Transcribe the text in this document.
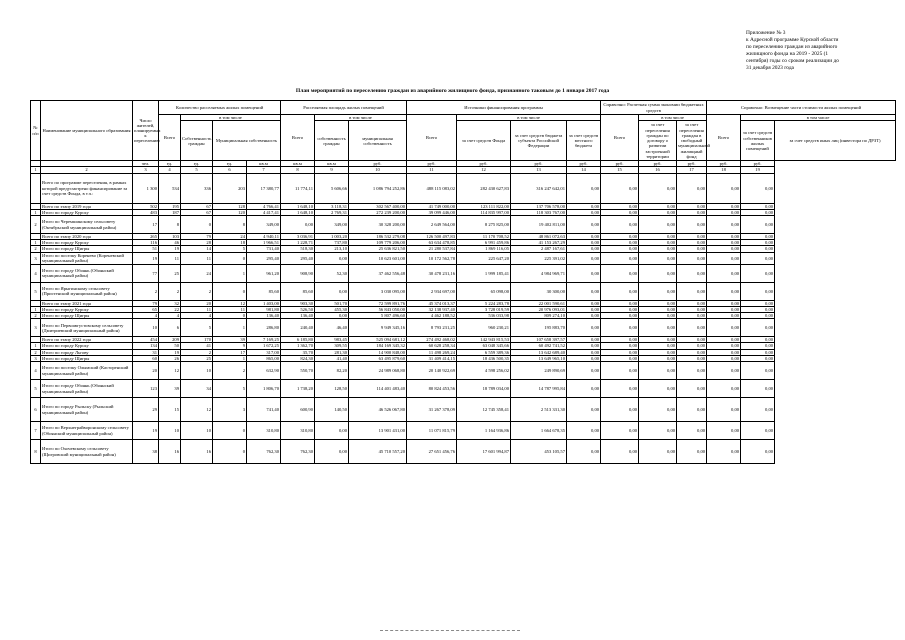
Приложение № 3
к Адресной программе Курской области
по переселению граждан из аварийного
жилищного фонда на 2019 - 2025 (1
сентября) годы со сроком реализации до
31 декабря 2023 года
План мероприятий по переселению граждан из аварийного жилищного фонда, признанного таковым до 1 января 2017 года
№ п/п	Наименование муниципального образования	Число жителей, планируемых к переселению	Количество расселяемых жилых помещений				Расселяемая площадь жилых помещений			Источники финансирования программы				Справочно: Расчетная сумма экономии бюджетных средств			Справочно: Возмещение части стоимости жилых помещений		
			Всего	в том числе			Всего	в том числе		Всего	в том числе			Всего	в том числе		Всего	в том числе	
				Собственность граждан	Муниципальная собственность			собственность граждан	муниципальная собственность		за счет средств Фонда	за счет средств бюджета субъекта Российской Федерации	за счет средств местного бюджета		за счет переселения граждан по договору о развитии застроенной территории	за счет переселения граждан в свободный муниципальный жилищный фонд		за счет средств собственников жилых помещений	за счет средств иных лиц (инвестора по ДРЗТ)
		чел.	ед.	ед.	ед.	кв.м	кв.м	кв.м	руб.	руб.	руб.	руб.	руб.	руб.	руб.	руб.	руб.	руб.	
1	2	3	4	5	6	7	8	9	10	11	12	13	14	15	16	17	18	19	
	Всего по программе переселения, в рамках которой предусмотрено финансирование за счет средств Фонда, в т.ч.:	1 300	534	336	203	17 380,77	11 774,11	5 606,66	1 086 794 252,86	488 115 083,02	282 430 627,83	316 247 642,01	0,00	0,00	0,00	0,00	0,00	0,00	
	Всего по этапу 2019 года	502	195	67	128	4 766,41	1 648,10	3 118,31	302 567 400,00	41 749 000,00	123 111 822,00	137 706 578,00	0,00	0,00	0,00	0,00	0,00	0,00	
1	Итого по городу Курску	483	187	67	120	4 417,41	1 648,10	2 769,31	272 239 200,00	39 099 446,00	114 835 997,00	118 303 767,00	0,00	0,00	0,00	0,00	0,00	0,00	
2	Итого по Черемшинскому сельсовету (Октябрьский муниципальный район)	17	8	0	8	349,00	0,00	349,00	30 328 200,00	2 649 564,00	8 275 825,00	19 402 811,00	0,00	0,00	0,00	0,00	0,00	0,00	
	Всего по этапу 2020 года	265	103	79	24	4 940,11	3 036,91	1 003,20	186 532 279,08	126 500 497,83	11 170 708,52	48 861 072,63	0,00	0,00	0,00	0,00	0,00	0,00	
1	Итого по городу Курску	116	46	28	18	1 966,51	1 228,71	737,80	109 779 206,00	63 634 478,85	6 991 459,86	41 153 267,29	0,00	0,00	0,00	0,00	0,00	0,00	
2	Итого по городу Щигры	51	19	14	5	731,40	518,30	213,10	25 636 821,50	21 280 537,84	1 869 116,05	2 487 167,61	0,00	0,00	0,00	0,00	0,00	0,00	
3	Итого по поселку Коренево (Кореневский муниципальный район)	19	11	11	0	295,40	295,40	0,00	10 623 601,00	10 172 562,78	225 647,20	225 391,02	0,00	0,00	0,00	0,00	0,00	0,00	
4	Итого по городу Обоянь (Обоянский муниципальный район)	77	25	24	1	961,20	908,90	52,30	37 462 556,48	30 478 231,16	1 999 185,41	4 984 969,71	0,00	0,00	0,00	0,00	0,00	0,00	
5	Итого по Ярыгинскому сельсовету (Пристенский муниципальный район)	2	2	2	0	85,60	85,60	0,00	3 030 095,00	2 934 697,00	65 098,00	30 300,00	0,00	0,00	0,00	0,00	0,00	0,00	
	Всего по этапу 2021 года	79	32	20	12	1 403,00	903,30	501,70	72 599 891,76	45 374 013,37	5 224 283,78	22 001 590,61	0,00	0,00	0,00	0,00	0,00	0,00	
1	Итого по городу Курску	65	22	11	11	981,80	526,50	455,30	56 843 050,00	32 138 937,40	3 728 019,59	20 976 093,01	0,00	0,00	0,00	0,00	0,00	0,00	
2	Итого по городу Щигры	4	4	4	0	136,40	136,40	0,00	5 807 496,60	4 462 188,52	536 033,98	809 274,10	0,00	0,00	0,00	0,00	0,00	0,00	
3	Итого по Первоавгустовскому сельсовету (Дмитриевский муниципальный район)	10	6	5	1	286,80	240,40	46,40	9 949 345,16	8 793 231,25	960 230,21	195 883,70	0,00	0,00	0,00	0,00	0,00	0,00	
	Всего по этапу 2022 года	454	209	170	39	7 169,25	6 185,80	983,45	525 094 681,12	274 492 468,02	142 943 815,53	107 658 397,57	0,00	0,00	0,00	0,00	0,00	0,00	
1	Итого по городу Курску	134	50	41	9	1 672,25	1 362,70	309,55	184 169 345,32	60 628 258,34	63 048 345,66	60 492 741,52	0,00	0,00	0,00	0,00	0,00	0,00	
2	Итого по городу Льгову	31	19	2	17	317,00	35,70	281,30	14 900 848,00	11 498 269,24	6 559 389,36	13 642 689,40	0,00	0,00	0,00	0,00	0,00	0,00	
3	Итого по городу Щигры	60	26	25	1	865,00	824,30	41,40	63 495 879,60	31 409 414,15	18 436 500,35	13 649 965,10	0,00	0,00	0,00	0,00	0,00	0,00	
4	Итого по поселку Олымский (Касторенский муниципальный район)	20	12	10	2	632,90	550,70	82,20	24 989 068,80	20 140 922,69	4 598 256,02	249 890,69	0,00	0,00	0,00	0,00	0,00	0,00	
5	Итого по городу Обоянь (Обоянский муниципальный район)	123	39	34	5	1 806,70	1 738,20	128,50	114 401 483,40	80 824 453,56	18 789 034,00	14 787 995,84	0,00	0,00	0,00	0,00	0,00	0,00	
6	Итого по городу Рыльску (Рыльский муниципальный район)	29	15	12	3	741,40	600,90	140,50	46 526 067,80	31 267 378,09	12 745 358,41	2 513 331,30	0,00	0,00	0,00	0,00	0,00	0,00	
7	Итого по Верхнеграйворонскому сельсовету (Обоянский муниципальный район)	19	10	10	0	310,80	310,80	0,00	13 901 431,00	11 071 815,79	1 164 936,86	1 664 678,35	0,00	0,00	0,00	0,00	0,00	0,00	
8	Итого по Охочевскому сельсовету (Щигровский муниципальный район)	38	16	16	0	762,30	762,30	0,00	45 710 557,20	27 651 456,76	17 601 994,87	453 105,57	0,00	0,00	0,00	0,00	0,00	0,00	
